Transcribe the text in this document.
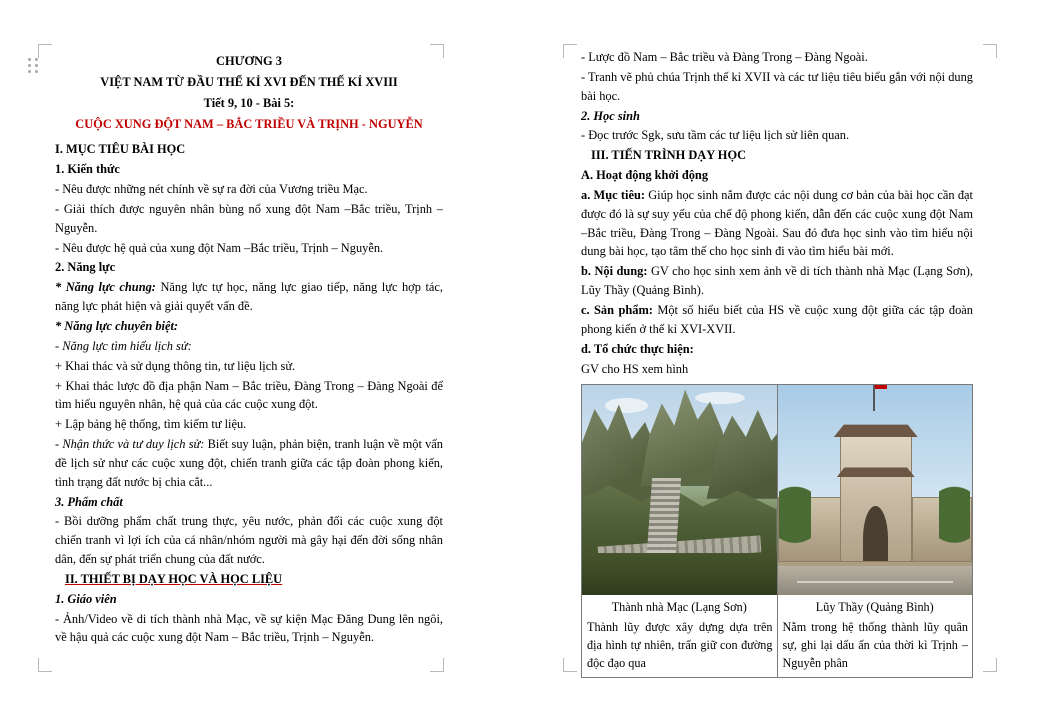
CHƯƠNG 3

VIỆT NAM TỪ ĐẦU THẾ KỈ XVI ĐẾN THẾ KỈ XVIII

Tiết 9, 10 - Bài 5:

CUỘC XUNG ĐỘT NAM – BẮC TRIỀU VÀ TRỊNH - NGUYỄN

I. MỤC TIÊU BÀI HỌC

1. Kiến thức

- Nêu được những nét chính về sự ra đời của Vương triều Mạc.

- Giải thích được nguyên nhân bùng nổ xung đột Nam –Bắc triều, Trịnh – Nguyễn.

- Nêu được hệ quả của xung đột Nam –Bắc triều, Trịnh – Nguyễn.

2. Năng lực

* Năng lực chung: Năng lực tự học, năng lực giao tiếp, năng lực hợp tác, năng lực phát hiện và giải quyết vấn đề.

* Năng lực chuyên biệt:

- Năng lực tìm hiểu lịch sử:

+ Khai thác và sử dụng thông tin, tư liệu lịch sử.

+ Khai thác lược đồ địa phận Nam – Bắc triều, Đàng Trong – Đàng Ngoài để tìm hiểu nguyên nhân, hệ quả của các cuộc xung đột.

+ Lập bảng hệ thống, tìm kiếm tư liệu.

- Nhận thức và tư duy lịch sử: Biết suy luận, phản biện, tranh luận về một vấn đề lịch sử như các cuộc xung đột, chiến tranh giữa các tập đoàn phong kiến, tình trạng đất nước bị chia cắt...

3. Phẩm chất

- Bồi dưỡng phẩm chất trung thực, yêu nước, phản đối các cuộc xung đột chiến tranh vì lợi ích của cá nhân/nhóm người mà gây hại đến đời sống nhân dân, đến sự phát triển chung của đất nước.

II. THIẾT BỊ DẠY HỌC VÀ HỌC LIỆU

1. Giáo viên

- Ảnh/Video về di tích thành nhà Mạc, về sự kiện Mạc Đăng Dung lên ngôi, về hậu quả các cuộc xung đột Nam – Bắc triều, Trịnh – Nguyễn.

- Lược đồ Nam – Bắc triều và Đàng Trong – Đàng Ngoài.

- Tranh vẽ phủ chúa Trịnh thế kỉ XVII và các tư liệu tiêu biểu gắn với nội dung bài học.

2. Học sinh

- Đọc trước Sgk, sưu tầm các tư liệu lịch sử liên quan.

III. TIẾN TRÌNH DẠY HỌC

A. Hoạt động khởi động

a. Mục tiêu: Giúp học sinh nắm được các nội dung cơ bản của bài học cần đạt được đó là sự suy yếu của chế độ phong kiến, dẫn đến các cuộc xung đột Nam –Bắc triều, Đàng Trong – Đàng Ngoài. Sau đó đưa học sinh vào tìm hiểu nội dung bài học, tạo tâm thế cho học sinh đi vào tìm hiểu bài mới.

b. Nội dung: GV cho học sinh xem ảnh về di tích thành nhà Mạc (Lạng Sơn), Lũy Thầy (Quảng Bình).

c. Sản phẩm: Một số hiểu biết của HS về cuộc xung đột giữa các tập đoàn phong kiến ở thế kỉ XVI-XVII.

d. Tổ chức thực hiện:

GV cho HS xem hình

Thành nhà Mạc (Lạng Sơn)
Thành lũy được xây dựng dựa trên địa hình tự nhiên, trấn giữ con đường độc đạo qua

Lũy Thầy (Quảng Bình)
Nằm trong hệ thống thành lũy quân sự, ghi lại dấu ấn của thời kì Trịnh – Nguyễn phân
